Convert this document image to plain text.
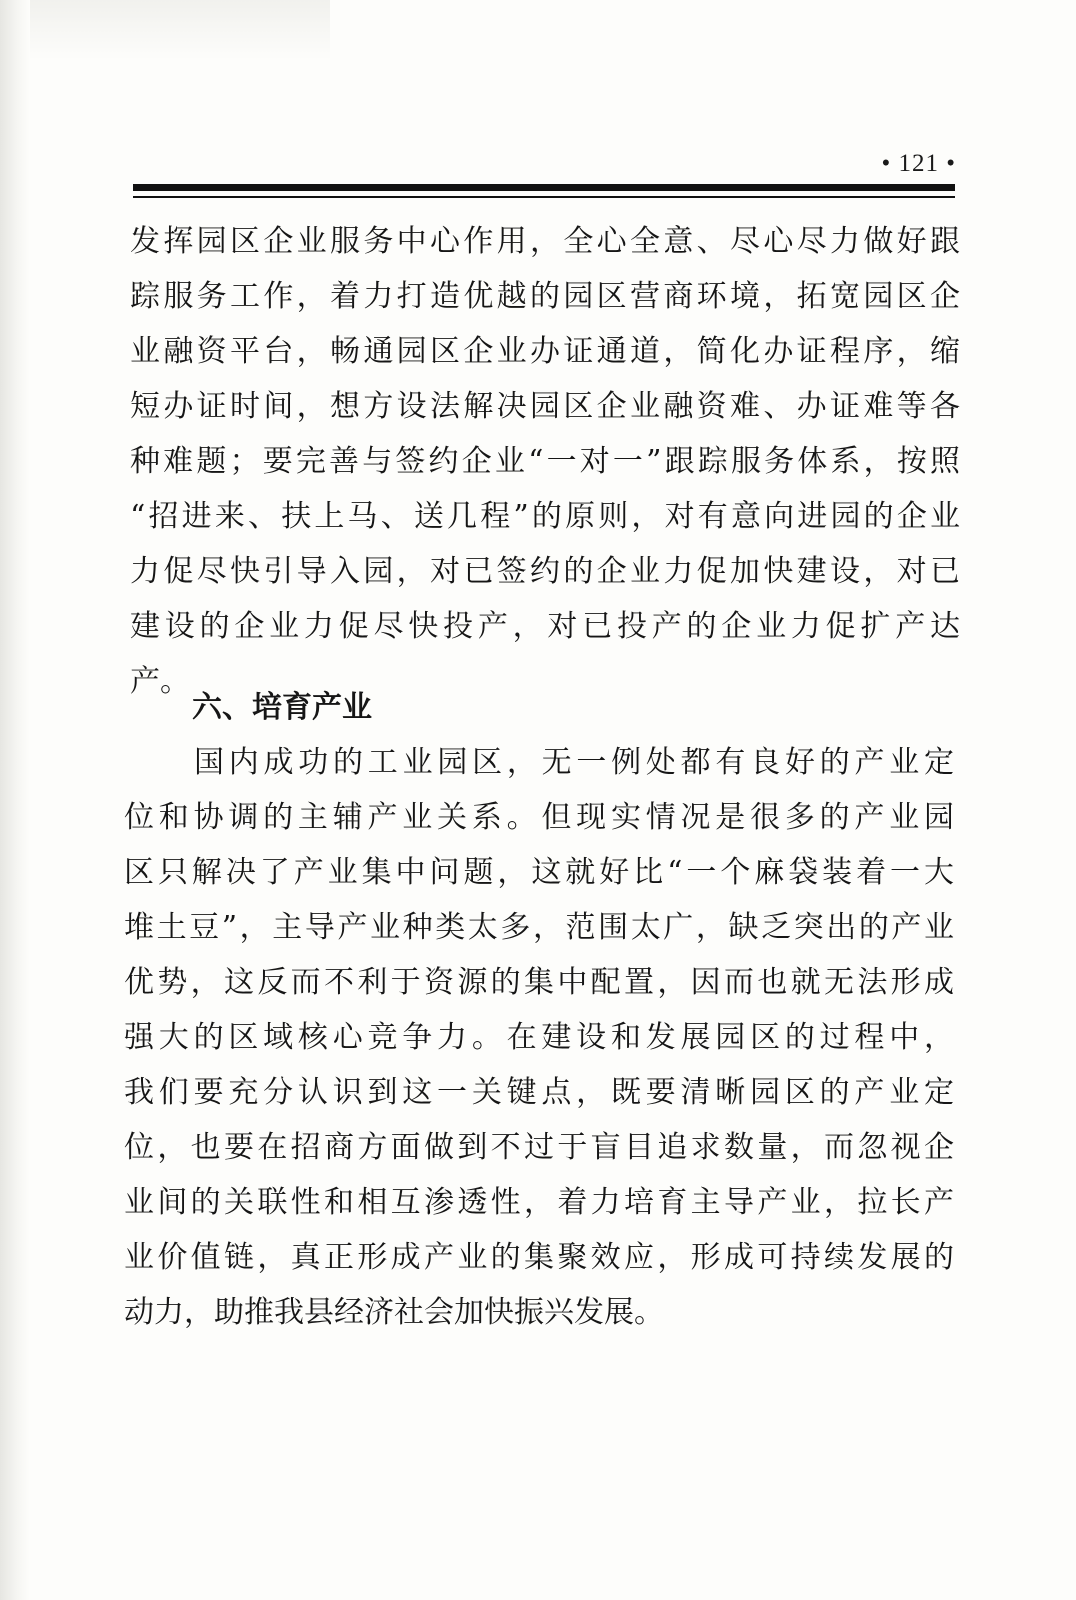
• 121 •
发挥园区企业服务中心作用，全心全意、尽心尽力做好跟
踪服务工作，着力打造优越的园区营商环境，拓宽园区企
业融资平台，畅通园区企业办证通道，简化办证程序，缩
短办证时间，想方设法解决园区企业融资难、办证难等各
种难题；要完善与签约企业“一对一”跟踪服务体系，按照
“招进来、扶上马、送几程”的原则，对有意向进园的企业
力促尽快引导入园，对已签约的企业力促加快建设，对已
建设的企业力促尽快投产，对已投产的企业力促扩产达
产。
六、培育产业
国内成功的工业园区，无一例处都有良好的产业定
位和协调的主辅产业关系。但现实情况是很多的产业园
区只解决了产业集中问题，这就好比“一个麻袋装着一大
堆土豆”，主导产业种类太多，范围太广，缺乏突出的产业
优势，这反而不利于资源的集中配置，因而也就无法形成
强大的区域核心竞争力。在建设和发展园区的过程中，
我们要充分认识到这一关键点，既要清晰园区的产业定
位，也要在招商方面做到不过于盲目追求数量，而忽视企
业间的关联性和相互渗透性，着力培育主导产业，拉长产
业价值链，真正形成产业的集聚效应，形成可持续发展的
动力，助推我县经济社会加快振兴发展。
